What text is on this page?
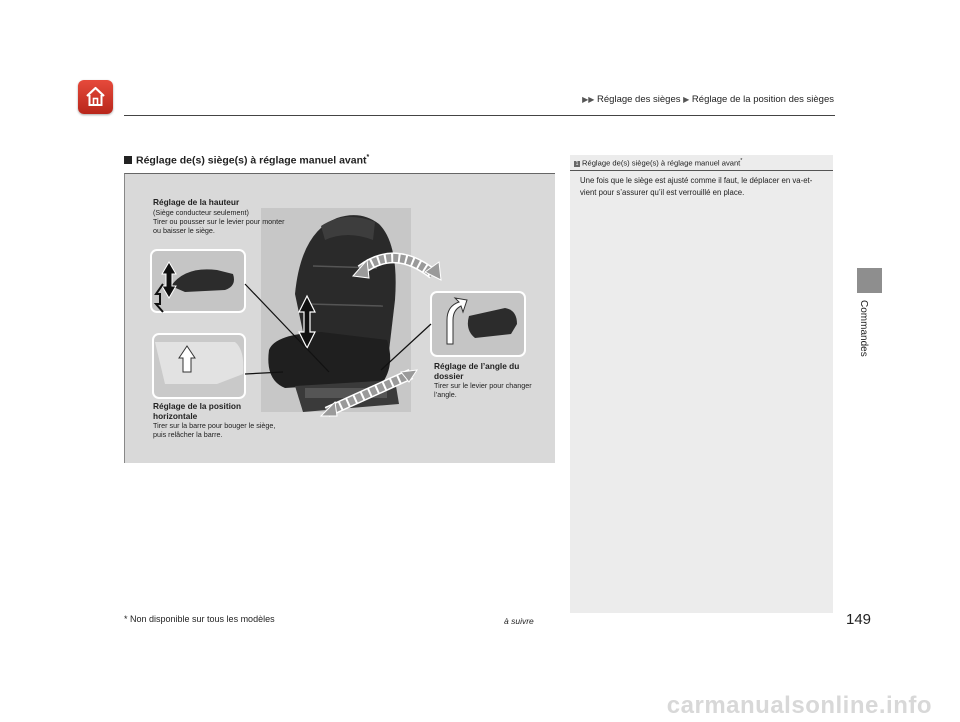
▶▶ Réglage des sièges ▶ Réglage de la position des sièges
Commandes
Réglage de(s) siège(s) à réglage manuel avant*
Réglage de la hauteur
(Siège conducteur seulement)
Tirer ou pousser sur le levier pour monter ou baisser le siège.
Réglage de la position
horizontale
Tirer sur la barre pour bouger le siège, puis relâcher la barre.
Réglage de l’angle du
dossier
Tirer sur le levier pour changer l’angle.
1 Réglage de(s) siège(s) à réglage manuel avant*
Une fois que le siège est ajusté comme il faut, le déplacer en va-et-vient pour s’assurer qu’il est verrouillé en place.
* Non disponible sur tous les modèles	à suivre	149
carmanualsonline.info
